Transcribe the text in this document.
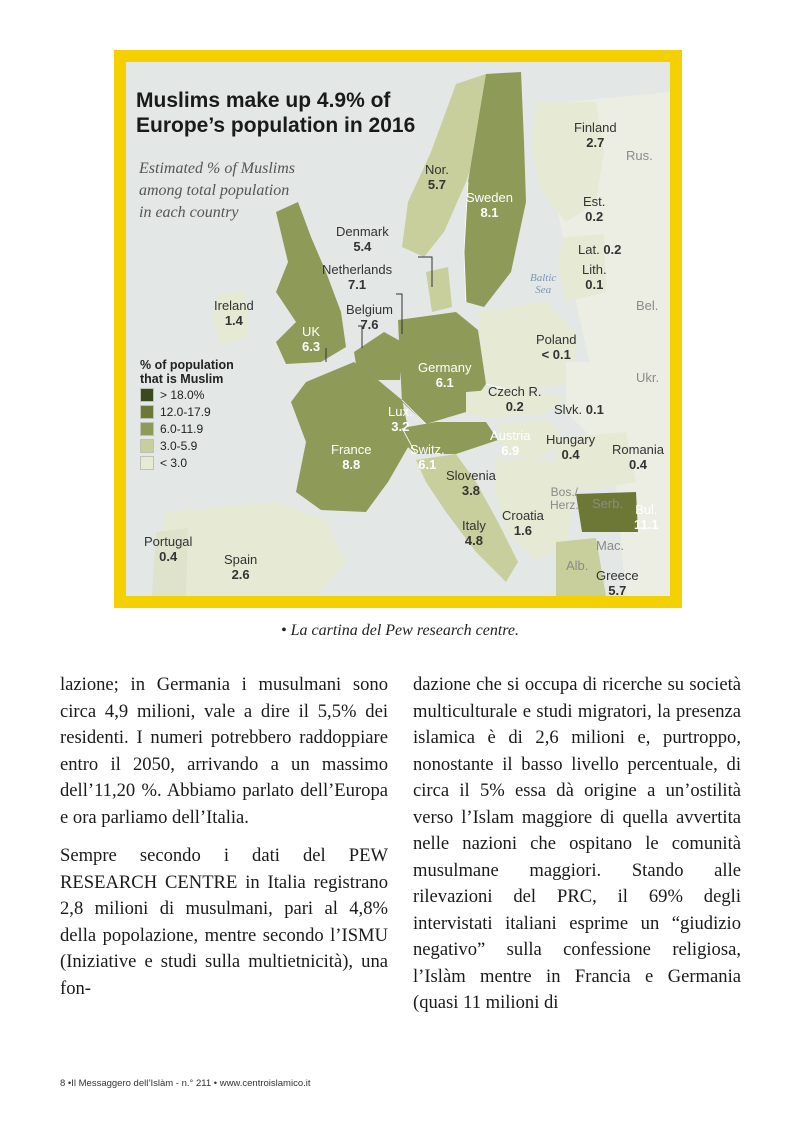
Muslims make up 4.9% of
Europe’s population in 2016
Estimated % of Muslims
among total population
in each country
Finland
2.7
Rus.
Nor.
5.7
Sweden
8.1
Est.
0.2
Denmark
5.4	Lat. 0.2
Lith.
0.1
Netherlands
7.1
Ireland
1.4
Belgium
7.6
Bel.
UK
6.3	Poland
< 0.1
Germany
6.1	Ukr.
Czech R.
0.2	Slvk. 0.1
Lux.
3.2
Austria
6.9
Hungary
0.4	Romania
0.4
France
8.8
Switz.
6.1
Slovenia
3.8	Bos./
Herz. Serb.
Croatia
1.6
Bul.
11.1
Italy
4.8	Mac.
Portugal
0.4
Alb.
Spain
2.6	Greece
5.7
Baltic
Sea
% of population
that is Muslim
> 18.0%
12.0-17.9
6.0-11.9
3.0-5.9
< 3.0
• La cartina del Pew research centre.

lazione; in Germania i musulmani sono circa 4,9 milioni, vale a dire il 5,5% dei residenti. I numeri potrebbero raddoppiare entro il 2050, arrivando a un massimo dell’11,20 %. Abbiamo parlato dell’Europa e ora parliamo dell’Italia.

Sempre secondo i dati del PEW RESEARCH CENTRE in Italia registrano 2,8 milioni di musulmani, pari al 4,8% della popolazione, mentre secondo l’ISMU (Iniziative e studi sulla multietnicità), una fon-

dazione che si occupa di ricerche su società multiculturale e studi migratori, la presenza islamica è di 2,6 milioni e, purtroppo, nonostante il basso livello percentuale, di circa il 5% essa dà origine a un’ostilità verso l’Islam maggiore di quella avvertita nelle nazioni che ospitano le comunità musulmane maggiori. Stando alle rilevazioni del PRC, il 69% degli intervistati italiani esprime un “giudizio negativo” sulla confessione religiosa, l’Islàm mentre in Francia e Germania (quasi 11 milioni di

8 •Il Messaggero dell’Islàm - n.° 211 • www.centroislamico.it
